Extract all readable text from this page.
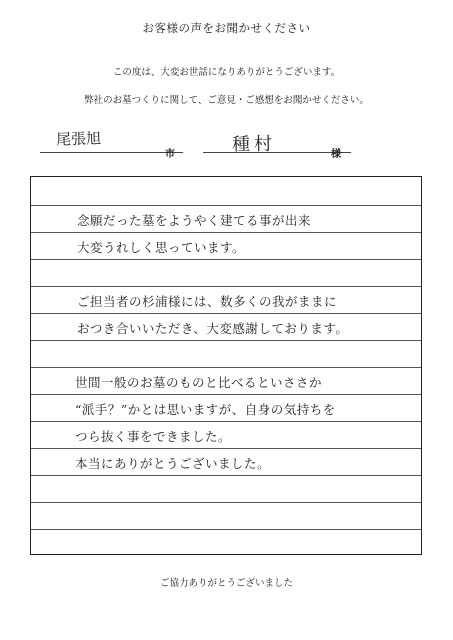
お客様の声をお聞かせください
この度は、大変お世話になりありがとうございます。
弊社のお墓つくりに関して、ご意見・ご感想をお聞かせください。
尾張旭
市	種村	様
念願だった墓をようやく建てる事が出来
大変うれしく思っています。
ご担当者の杉浦様には、数多くの我がままに
おつき合いいただき、大変感謝しております。
世間一般のお墓のものと比べるといささか
“派手？”かとは思いますが、自身の気持ちを
つら抜く事をできました。
本当にありがとうございました。
ご協力ありがとうございました
